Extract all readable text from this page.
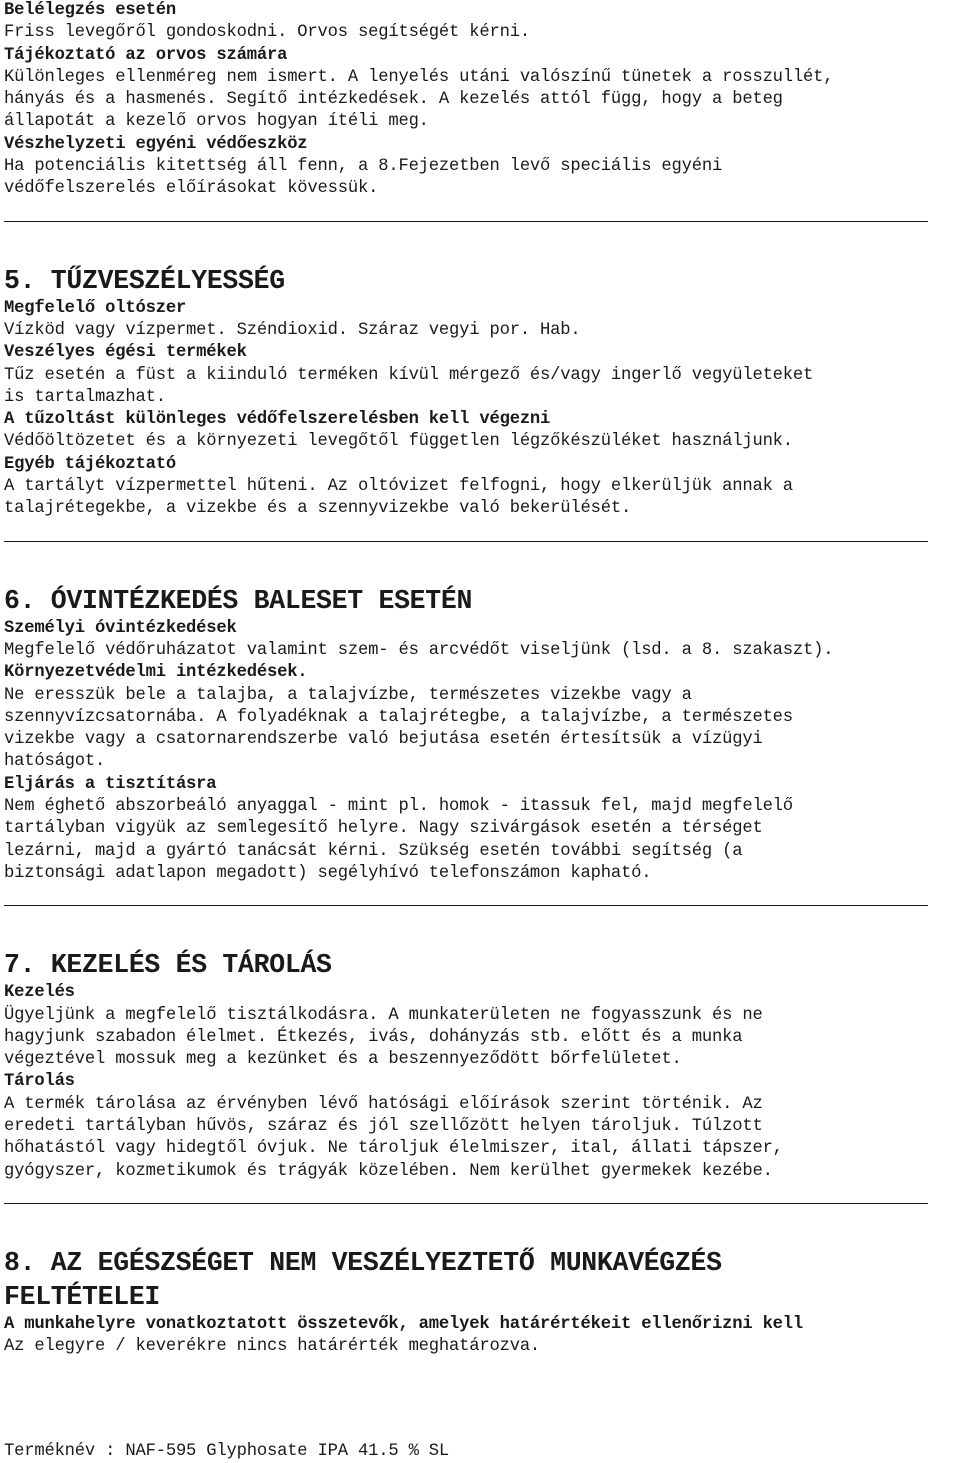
Belélegzés esetén
Friss levegőről gondoskodni. Orvos segítségét kérni.
Tájékoztató az orvos számára
Különleges ellenméreg nem ismert. A lenyelés utáni valószínű tünetek a rosszullét,
hányás és a hasmenés. Segítő intézkedések. A kezelés attól függ, hogy a beteg
állapotát a kezelő orvos hogyan ítéli meg.
Vészhelyzeti egyéni védőeszköz
Ha potenciális kitettség áll fenn, a 8.Fejezetben levő speciális egyéni
védőfelszerelés előírásokat kövessük.
5. TŰZVESZÉLYESSÉG
Megfelelő oltószer
Vízköd vagy vízpermet. Széndioxid. Száraz vegyi por. Hab.
Veszélyes égési termékek
Tűz esetén a füst a kiinduló terméken kívül mérgező és/vagy ingerlő vegyületeket
is tartalmazhat.
A tűzoltást különleges védőfelszerelésben kell végezni
Védőöltözetet és a környezeti levegőtől független légzőkészüléket használjunk.
Egyéb tájékoztató
A tartályt vízpermettel hűteni. Az oltóvizet felfogni, hogy elkerüljük annak a
talajrétegekbe, a vizekbe és a szennyvizekbe való bekerülését.
6. ÓVINTÉZKEDÉS BALESET ESETÉN
Személyi óvintézkedések
Megfelelő védőruházatot valamint szem- és arcvédőt viseljünk (lsd. a 8. szakaszt).
Környezetvédelmi intézkedések.
Ne eresszük bele a talajba, a talajvízbe, természetes vizekbe vagy a
szennyvízcsatornába. A folyadéknak a talajrétegbe, a talajvízbe, a természetes
vizekbe vagy a csatornarendszerbe való bejutása esetén értesítsük a vízügyi
hatóságot.
Eljárás a tisztításra
Nem éghető abszorbeáló anyaggal - mint pl. homok - itassuk fel, majd megfelelő
tartályban vigyük az semlegesítő helyre. Nagy szivárgások esetén a térséget
lezárni, majd a gyártó tanácsát kérni. Szükség esetén további segítség (a
biztonsági adatlapon megadott) segélyhívó telefonszámon kapható.
7. KEZELÉS ÉS TÁROLÁS
Kezelés
Ügyeljünk a megfelelő tisztálkodásra. A munkaterületen ne fogyasszunk és ne
hagyjunk szabadon élelmet. Étkezés, ivás, dohányzás stb. előtt és a munka
végeztével mossuk meg a kezünket és a beszennyeződött bőrfelületet.
Tárolás
A termék tárolása az érvényben lévő hatósági előírások szerint történik. Az
eredeti tartályban hűvös, száraz és jól szellőzött helyen tároljuk. Túlzott
hőhatástól vagy hidegtől óvjuk. Ne tároljuk élelmiszer, ital, állati tápszer,
gyógyszer, kozmetikumok és trágyák közelében. Nem kerülhet gyermekek kezébe.
8. AZ EGÉSZSÉGET NEM VESZÉLYEZTETŐ MUNKAVÉGZÉS
FELTÉTELEI
A munkahelyre vonatkoztatott összetevők, amelyek határértékeit ellenőrizni kell
Az elegyre / keverékre nincs határérték meghatározva.
Terméknév : NAF-595 Glyphosate IPA 41.5 % SL
